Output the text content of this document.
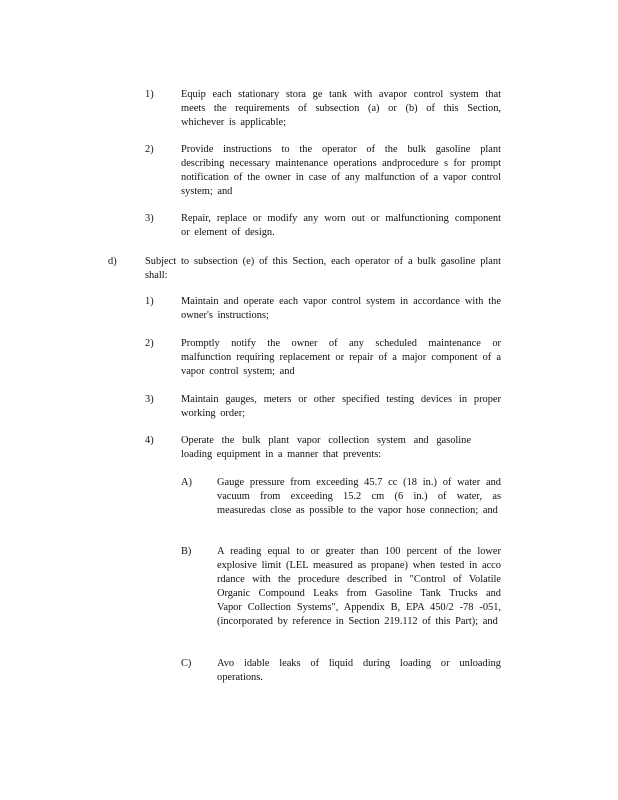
1)	Equip each stationary stora ge tank with avapor control system that meets the requirements of subsection (a) or (b) of this Section, whichever is applicable;
2)	Provide instructions to the operator of the bulk gasoline plant describing necessary maintenance operations andprocedure s for prompt notification of the owner in case of any malfunction of a vapor control system; and
3)	Repair, replace or modify any worn out or malfunctioning component or element of design.
d)	Subject to subsection (e) of this Section, each operator of a bulk gasoline plant shall:
1)	Maintain and operate each vapor control system in accordance with the owner's instructions;
2)	Promptly notify the owner of any scheduled maintenance or malfunction requiring replacement or repair of a major component of a vapor control system; and
3)	Maintain gauges, meters or other specified testing devices in proper working order;
4)	Operate the bulk plant vapor collection system and gasoline loading equipment in a manner that prevents:
A) Gauge pressure from exceeding 45.7 cc (18 in.) of water and vacuum from exceeding 15.2 cm (6 in.) of water, as measuredas close as possible to the vapor hose connection; and
B) A reading equal to or greater than 100 percent of the lower explosive limit (LEL measured as propane) when tested in acco rdance with the procedure described in "Control of Volatile Organic Compound Leaks from Gasoline Tank Trucks and Vapor Collection Systems", Appendix B, EPA 450/2 -78 -051, (incorporated by reference in Section 219.112 of this Part); and
C) Avo idable leaks of liquid during loading or unloading operations.
